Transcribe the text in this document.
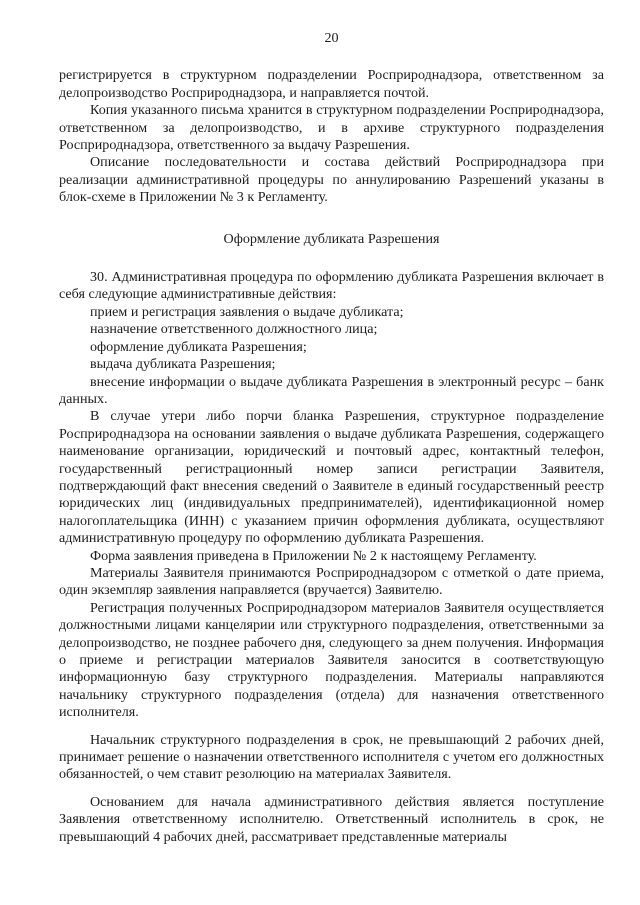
20

регистрируется в структурном подразделении Росприроднадзора, ответственном за делопроизводство Росприроднадзора, и направляется почтой.

Копия указанного письма хранится в структурном подразделении Росприроднадзора, ответственном за делопроизводство, и в архиве структурного подразделения Росприроднадзора, ответственного за выдачу Разрешения.

Описание последовательности и состава действий Росприроднадзора при реализации административной процедуры по аннулированию Разрешений указаны в блок-схеме в Приложении № 3 к Регламенту.

Оформление дубликата Разрешения

30. Административная процедура по оформлению дубликата Разрешения включает в себя следующие административные действия:

прием и регистрация заявления о выдаче дубликата;

назначение ответственного должностного лица;

оформление дубликата Разрешения;

выдача дубликата Разрешения;

внесение информации о выдаче дубликата Разрешения в электронный ресурс – банк данных.

В случае утери либо порчи бланка Разрешения, структурное подразделение Росприроднадзора на основании заявления о выдаче дубликата Разрешения, содержащего наименование организации, юридический и почтовый адрес, контактный телефон, государственный регистрационный номер записи регистрации Заявителя, подтверждающий факт внесения сведений о Заявителе в единый государственный реестр юридических лиц (индивидуальных предпринимателей), идентификационной номер налогоплательщика (ИНН) с указанием причин оформления дубликата, осуществляют административную процедуру по оформлению дубликата Разрешения.

Форма заявления приведена в Приложении № 2 к настоящему Регламенту.

Материалы Заявителя принимаются Росприроднадзором с отметкой о дате приема, один экземпляр заявления направляется (вручается) Заявителю.

Регистрация полученных Росприроднадзором материалов Заявителя осуществляется должностными лицами канцелярии или структурного подразделения, ответственными за делопроизводство, не позднее рабочего дня, следующего за днем получения. Информация о приеме и регистрации материалов Заявителя заносится в соответствующую информационную базу структурного подразделения. Материалы направляются начальнику структурного подразделения (отдела) для назначения ответственного исполнителя.

Начальник структурного подразделения в срок, не превышающий 2 рабочих дней, принимает решение о назначении ответственного исполнителя с учетом его должностных обязанностей, о чем ставит резолюцию на материалах Заявителя.

Основанием для начала административного действия является поступление Заявления ответственному исполнителю. Ответственный исполнитель в срок, не превышающий 4 рабочих дней, рассматривает представленные материалы
